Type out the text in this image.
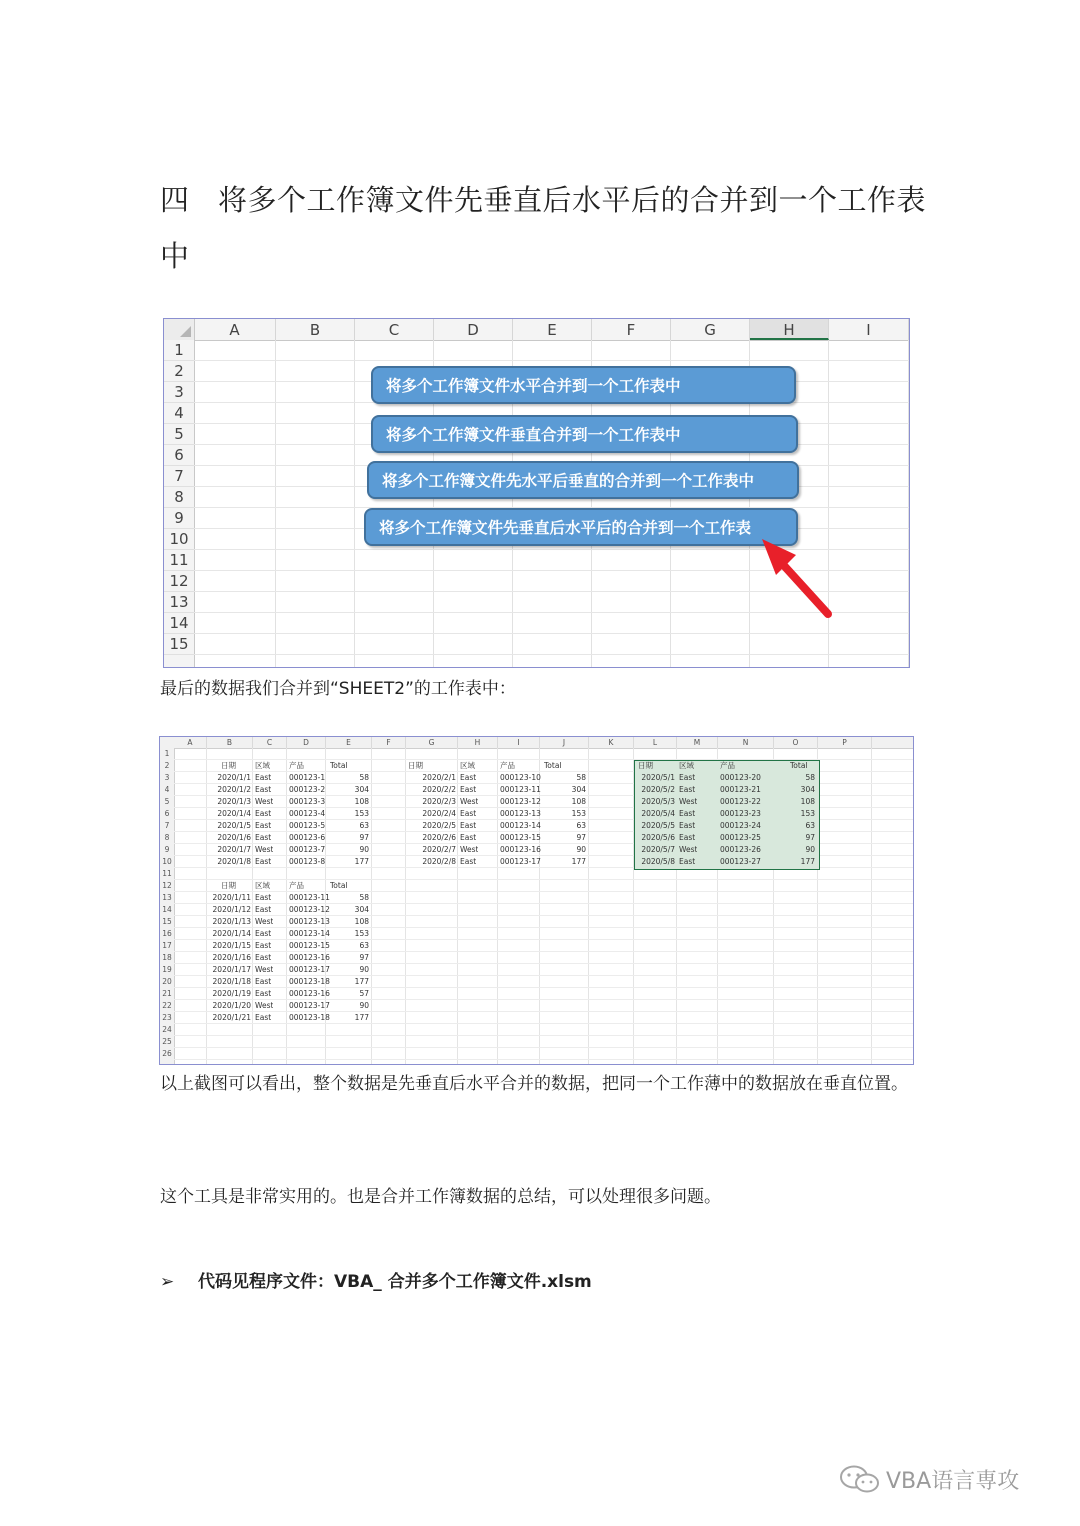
四 将多个工作簿文件先垂直后水平后的合并到一个工作表中
A	B	C	D	E	F	G	H	I
1
2
3
4
5
6
7
8
9
10
11
12
13
14
15
将多个工作簿文件水平合并到一个工作表中
将多个工作簿文件垂直合并到一个工作表中
将多个工作簿文件先水平后垂直的合并到一个工作表中
将多个工作簿文件先垂直后水平后的合并到一个工作表
最后的数据我们合并到“SHEET2”的工作表中：
A	B	C	D	E	F	G	H	I	J	K	L	M	N	O	P
1
2
3
4
5
6
7
8
9
10
11
12
13
14
15
16
17
18
19
20
21
22
23
24
25
26
日期	区域	产品	Total
2020/1/1 East 000123-1	58
2020/1/2 East 000123-2	304
2020/1/3 West 000123-3	108
2020/1/4 East 000123-4	153
2020/1/5 East 000123-5	63
2020/1/6 East 000123-6	97
2020/1/7 West 000123-7	90
2020/1/8 East 000123-8	177
日期	区域	产品	Total
2020/1/11 East 000123-11	58
2020/1/12 East 000123-12	304
2020/1/13 West 000123-13	108
2020/1/14 East 000123-14	153
2020/1/15 East 000123-15	63
2020/1/16 East 000123-16	97
2020/1/17 West 000123-17	90
2020/1/18 East 000123-18	177
2020/1/19 East 000123-16	57
2020/1/20 West 000123-17	90
2020/1/21 East 000123-18	177
日期	区域	产品	Total
2020/2/1 East	000123-10	58
2020/2/2 East	000123-11	304
2020/2/3 West	000123-12	108
2020/2/4 East	000123-13	153
2020/2/5 East	000123-14	63
2020/2/6 East	000123-15	97
2020/2/7 West	000123-16	90
2020/2/8 East	000123-17	177
日期	区域	产品	Total
2020/5/1 East	000123-20	58
2020/5/2 East	000123-21	304
2020/5/3 West	000123-22	108
2020/5/4 East	000123-23	153
2020/5/5 East	000123-24	63
2020/5/6 East	000123-25	97
2020/5/7 West	000123-26	90
2020/5/8 East	000123-27	177
以上截图可以看出，整个数据是先垂直后水平合并的数据，把同一个工作薄中的数据放在垂直位置。
这个工具是非常实用的。也是合并工作簿数据的总结，可以处理很多问题。
➢ 代码见程序文件：VBA_ 合并多个工作簿文件.xlsm
VBA语言専攻
